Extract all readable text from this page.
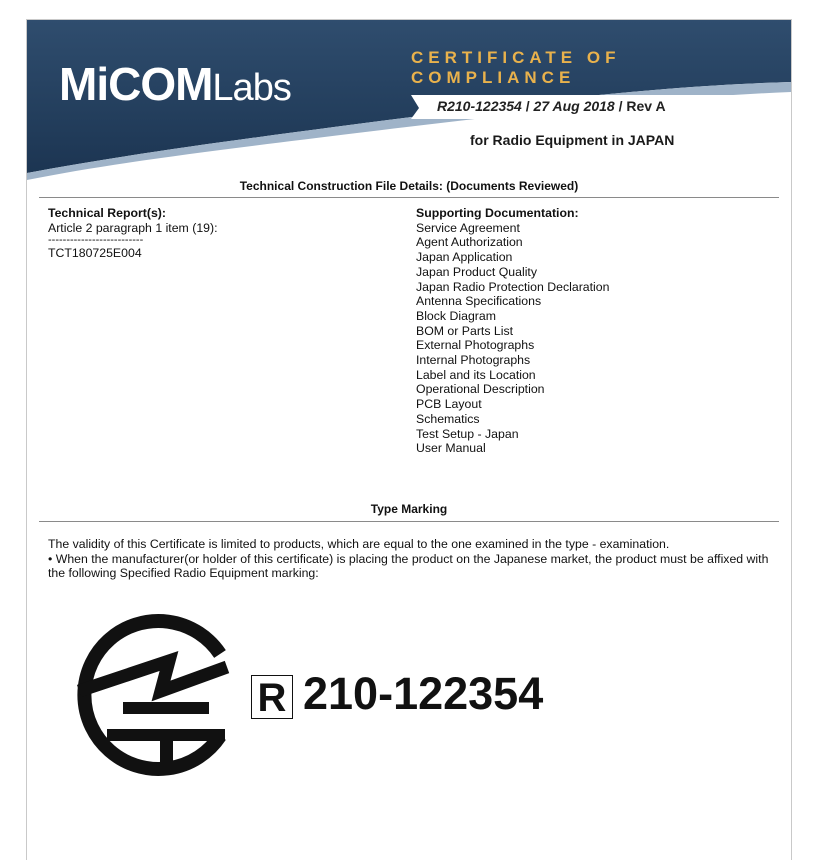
MiCOMLabs
CERTIFICATE OF COMPLIANCE
R210-122354 / 27 Aug 2018 / Rev A
for Radio Equipment in JAPAN
Technical Construction File Details: (Documents Reviewed)
Technical Report(s):
Article 2 paragraph 1 item (19):
--------------------------
TCT180725E004
Supporting Documentation:
Service Agreement
Agent Authorization
Japan Application
Japan Product Quality
Japan Radio Protection Declaration
Antenna Specifications
Block Diagram
BOM or Parts List
External Photographs
Internal Photographs
Label and its Location
Operational Description
PCB Layout
Schematics
Test Setup - Japan
User Manual
Type Marking
The validity of this Certificate is limited to products, which are equal to the one examined in the type - examination.
• When the manufacturer(or holder of this certificate) is placing the product on the Japanese market, the product must be affixed with the following Specified Radio Equipment marking:
R 210-122354
